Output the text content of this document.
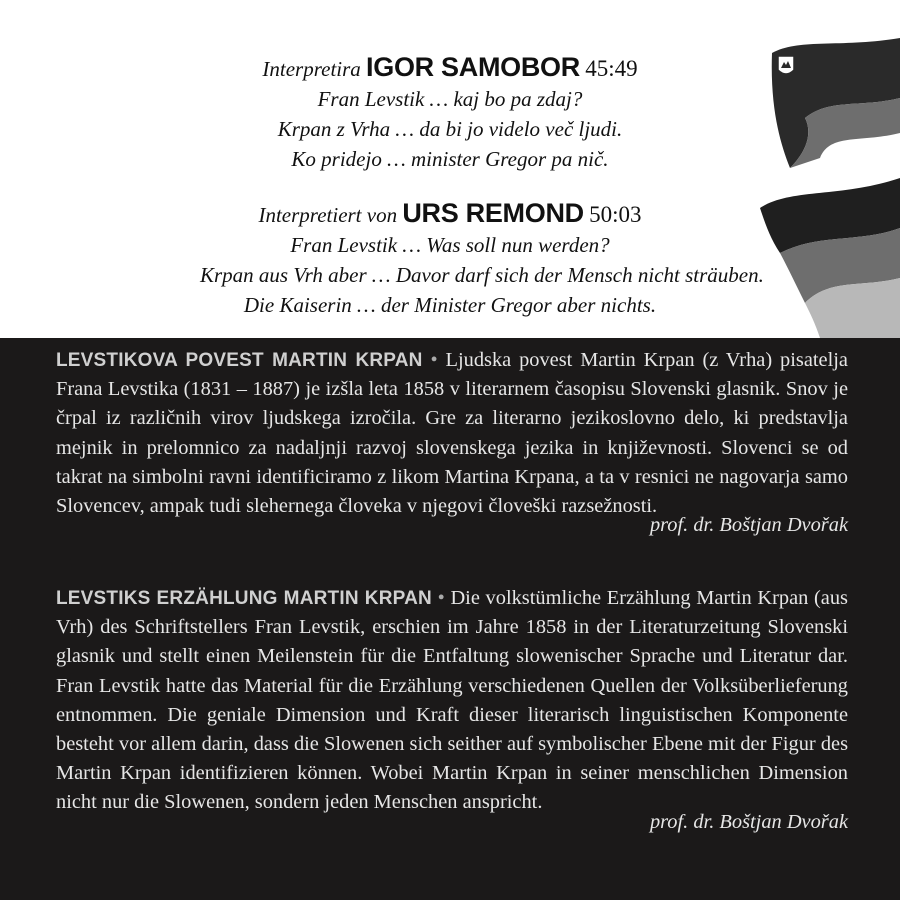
Interpretira IGOR SAMOBOR 45:49

Fran Levstik … kaj bo pa zdaj?

Krpan z Vrha … da bi jo videlo več ljudi.

Ko pridejo … minister Gregor pa nič.

Interpretiert von URS REMOND 50:03

Fran Levstik … Was soll nun werden?

Krpan aus Vrh aber … Davor darf sich der Mensch nicht sträuben.

Die Kaiserin … der Minister Gregor aber nichts.

LEVSTIKOVA POVEST MARTIN KRPAN • Ljudska povest Martin Krpan (z Vrha) pisatelja Frana Levstika (1831 – 1887) je izšla leta 1858 v literarnem časopisu Slovenski glasnik. Snov je črpal iz različnih virov ljudskega izročila. Gre za literarno jezikoslovno delo, ki predstavlja mejnik in prelomnico za nadaljnji razvoj slovenskega jezika in književnosti. Slovenci se od takrat na simbolni ravni identificiramo z likom Martina Krpana, a ta v resnici ne nagovarja samo Slovencev, ampak tudi slehernega človeka v njegovi človeški razsežnosti.
prof. dr. Boštjan Dvořak
LEVSTIKS ERZÄHLUNG MARTIN KRPAN • Die volkstümliche Erzählung Martin Krpan (aus Vrh) des Schriftstellers Fran Levstik, erschien im Jahre 1858 in der Literaturzeitung Slovenski glasnik und stellt einen Meilenstein für die Entfaltung slowenischer Sprache und Literatur dar. Fran Levstik hatte das Material für die Erzählung verschiedenen Quellen der Volksüberlieferung entnommen. Die geniale Dimension und Kraft dieser literarisch linguistischen Komponente besteht vor allem darin, dass die Slowenen sich seither auf symbolischer Ebene mit der Figur des Martin Krpan identifizieren können. Wobei Martin Krpan in seiner menschlichen Dimension nicht nur die Slowenen, sondern jeden Menschen anspricht.
prof. dr. Boštjan Dvořak
